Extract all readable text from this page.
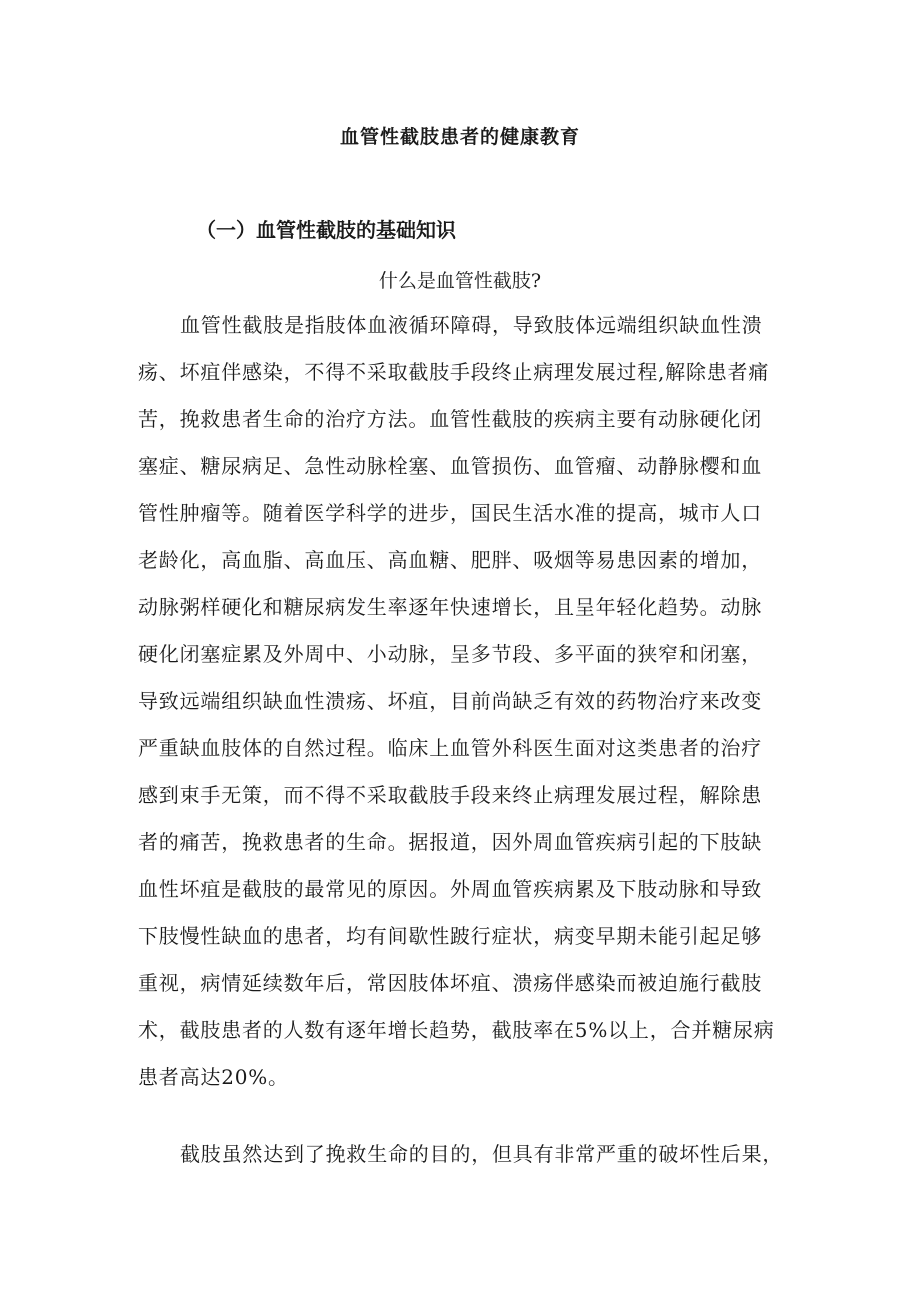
血管性截肢患者的健康教育
（一）血管性截肢的基础知识
什么是血管性截肢?
血管性截肢是指肢体血液循环障碍，导致肢体远端组织缺血性溃
疡、坏疽伴感染，不得不采取截肢手段终止病理发展过程,解除患者痛
苦，挽救患者生命的治疗方法。血管性截肢的疾病主要有动脉硬化闭
塞症、糖尿病足、急性动脉栓塞、血管损伤、血管瘤、动静脉樱和血
管性肿瘤等。随着医学科学的进步，国民生活水准的提高，城市人口
老龄化，高血脂、高血压、高血糖、肥胖、吸烟等易患因素的增加，
动脉粥样硬化和糖尿病发生率逐年快速增长，且呈年轻化趋势。动脉
硬化闭塞症累及外周中、小动脉，呈多节段、多平面的狭窄和闭塞，
导致远端组织缺血性溃疡、坏疽，目前尚缺乏有效的药物治疗来改变
严重缺血肢体的自然过程。临床上血管外科医生面对这类患者的治疗
感到束手无策，而不得不采取截肢手段来终止病理发展过程，解除患
者的痛苦，挽救患者的生命。据报道，因外周血管疾病引起的下肢缺
血性坏疽是截肢的最常见的原因。外周血管疾病累及下肢动脉和导致
下肢慢性缺血的患者，均有间歇性跛行症状，病变早期未能引起足够
重视，病情延续数年后，常因肢体坏疽、溃疡伴感染而被迫施行截肢
术，截肢患者的人数有逐年增长趋势，截肢率在5%以上，合并糖尿病
患者高达20%。
截肢虽然达到了挽救生命的目的，但具有非常严重的破坏性后果，
